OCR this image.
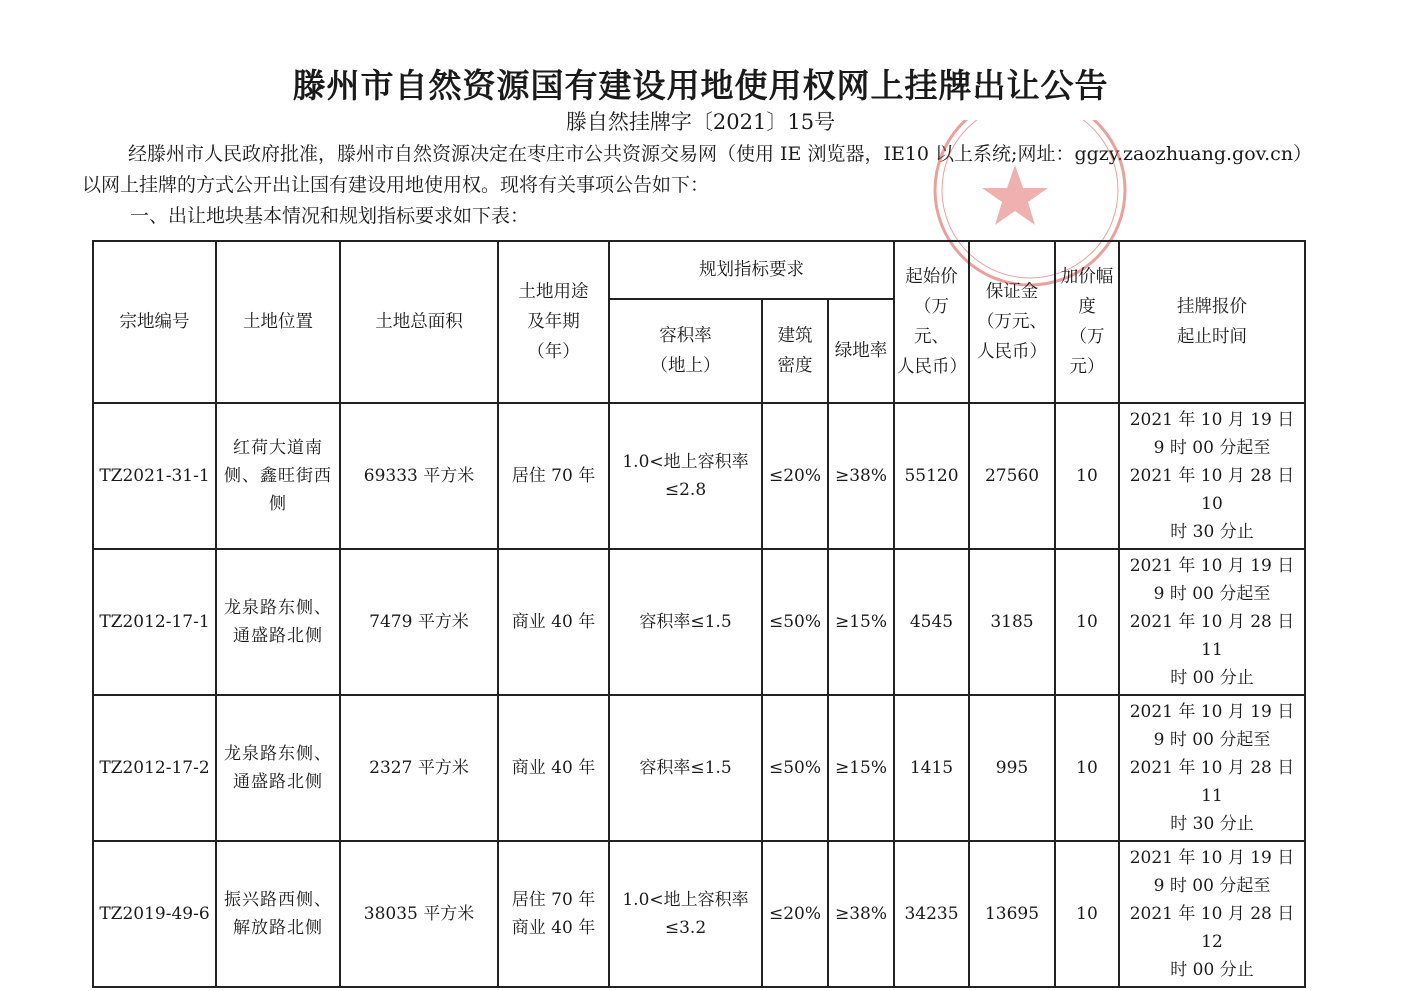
滕州市自然资源国有建设用地使用权网上挂牌出让公告
滕自然挂牌字〔2021〕15号
经滕州市人民政府批准，滕州市自然资源决定在枣庄市公共资源交易网（使用 IE 浏览器，IE10 以上系统;网址：ggzy.zaozhuang.gov.cn）以网上挂牌的方式公开出让国有建设用地使用权。现将有关事项公告如下：
一、出让地块基本情况和规划指标要求如下表：
宗地编号	土地位置	土地总面积	土地用途
及年期
（年）	规划指标要求			起始价
（万元、
人民币）	保证金
（万元、
人民币）	加价幅
度
（万
元）	挂牌报价
起止时间

				容积率
（地上）	建筑
密度	绿地率				
TZ2021-31-1	红荷大道南侧、鑫旺街西侧	69333 平方米	居住 70 年	1.0<地上容积率
≤2.8	≤20%	≥38%	55120	27560	10	2021 年 10 月 19 日
9 时 00 分起至
2021 年 10 月 28 日 10
时 30 分止

TZ2012-17-1	龙泉路东侧、通盛路北侧	7479 平方米	商业 40 年	容积率≤1.5	≤50%	≥15%	4545	3185	10	2021 年 10 月 19 日
9 时 00 分起至
2021 年 10 月 28 日 11
时 00 分止

TZ2012-17-2	龙泉路东侧、通盛路北侧	2327 平方米	商业 40 年	容积率≤1.5	≤50%	≥15%	1415	995	10	2021 年 10 月 19 日
9 时 00 分起至
2021 年 10 月 28 日 11
时 30 分止

TZ2019-49-6	振兴路西侧、解放路北侧	38035 平方米	居住 70 年
商业 40 年	1.0<地上容积率
≤3.2	≤20%	≥38%	34235	13695	10	2021 年 10 月 19 日
9 时 00 分起至
2021 年 10 月 28 日 12
时 00 分止
